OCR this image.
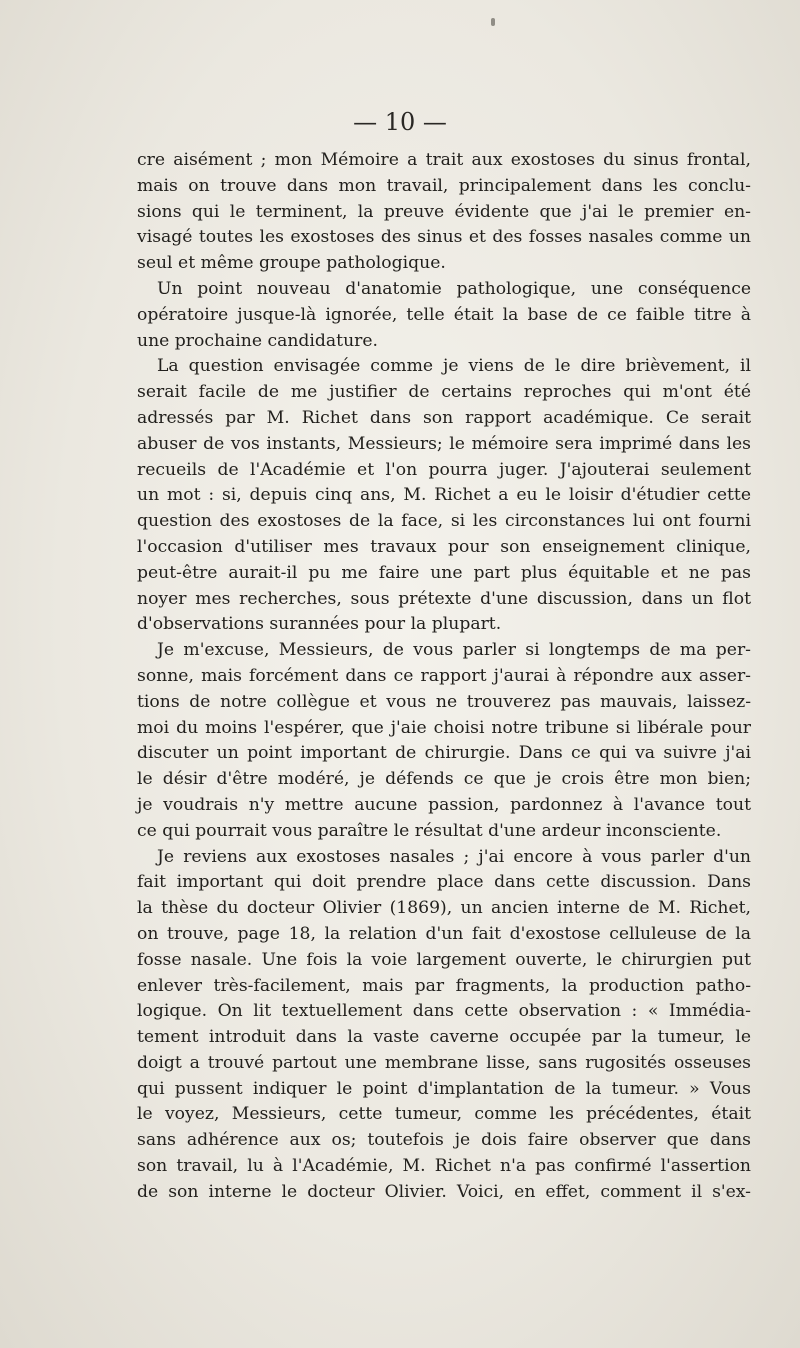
— 10 —

cre aisément ; mon Mémoire a trait aux exostoses du sinus frontal,
mais on trouve dans mon travail, principalement dans les conclu-
sions qui le terminent, la preuve évidente que j'ai le premier en-
visagé toutes les exostoses des sinus et des fosses nasales comme un
seul et même groupe pathologique.
Un point nouveau d'anatomie pathologique, une conséquence
opératoire jusque-là ignorée, telle était la base de ce faible titre à
une prochaine candidature.
La question envisagée comme je viens de le dire brièvement, il
serait facile de me justifier de certains reproches qui m'ont été
adressés par M. Richet dans son rapport académique. Ce serait
abuser de vos instants, Messieurs; le mémoire sera imprimé dans les
recueils de l'Académie et l'on pourra juger. J'ajouterai seulement
un mot : si, depuis cinq ans, M. Richet a eu le loisir d'étudier cette
question des exostoses de la face, si les circonstances lui ont fourni
l'occasion d'utiliser mes travaux pour son enseignement clinique,
peut-être aurait-il pu me faire une part plus équitable et ne pas
noyer mes recherches, sous prétexte d'une discussion, dans un flot
d'observations surannées pour la plupart.
Je m'excuse, Messieurs, de vous parler si longtemps de ma per-
sonne, mais forcément dans ce rapport j'aurai à répondre aux asser-
tions de notre collègue et vous ne trouverez pas mauvais, laissez-
moi du moins l'espérer, que j'aie choisi notre tribune si libérale pour
discuter un point important de chirurgie. Dans ce qui va suivre j'ai
le désir d'être modéré, je défends ce que je crois être mon bien;
je voudrais n'y mettre aucune passion, pardonnez à l'avance tout
ce qui pourrait vous paraître le résultat d'une ardeur inconsciente.
Je reviens aux exostoses nasales ; j'ai encore à vous parler d'un
fait important qui doit prendre place dans cette discussion. Dans
la thèse du docteur Olivier (1869), un ancien interne de M. Richet,
on trouve, page 18, la relation d'un fait d'exostose celluleuse de la
fosse nasale. Une fois la voie largement ouverte, le chirurgien put
enlever très-facilement, mais par fragments, la production patho-
logique. On lit textuellement dans cette observation : « Immédia-
tement introduit dans la vaste caverne occupée par la tumeur, le
doigt a trouvé partout une membrane lisse, sans rugosités osseuses
qui pussent indiquer le point d'implantation de la tumeur. » Vous
le voyez, Messieurs, cette tumeur, comme les précédentes, était
sans adhérence aux os; toutefois je dois faire observer que dans
son travail, lu à l'Académie, M. Richet n'a pas confirmé l'assertion
de son interne le docteur Olivier. Voici, en effet, comment il s'ex-
